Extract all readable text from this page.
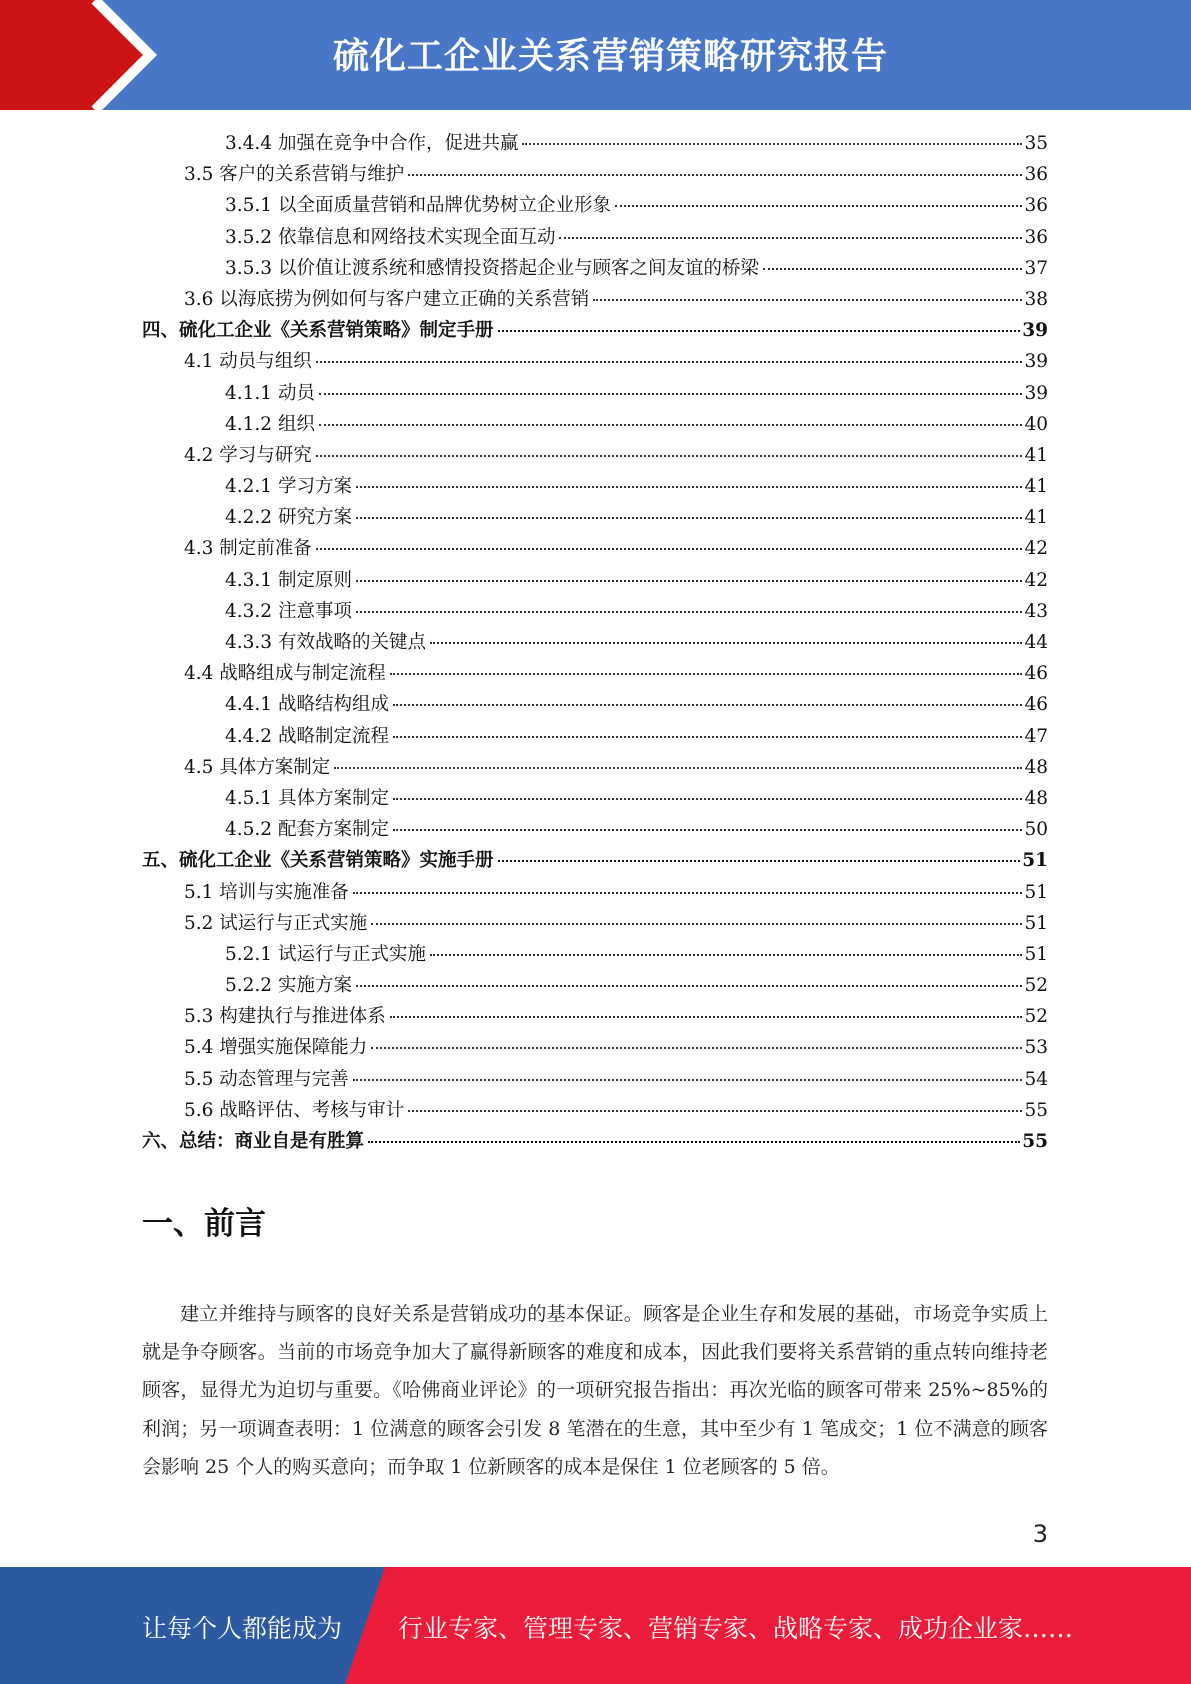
硫化工企业关系营销策略研究报告
3.4.4 加强在竞争中合作，促进共赢	35
3.5 客户的关系营销与维护	36
3.5.1 以全面质量营销和品牌优势树立企业形象	36
3.5.2 依靠信息和网络技术实现全面互动	36
3.5.3 以价值让渡系统和感情投资搭起企业与顾客之间友谊的桥梁	37
3.6 以海底捞为例如何与客户建立正确的关系营销	38
四、硫化工企业《关系营销策略》制定手册	39
4.1 动员与组织	39
4.1.1 动员	39
4.1.2 组织	40
4.2 学习与研究	41
4.2.1 学习方案	41
4.2.2 研究方案	41
4.3 制定前准备	42
4.3.1 制定原则	42
4.3.2 注意事项	43
4.3.3 有效战略的关键点	44
4.4 战略组成与制定流程	46
4.4.1 战略结构组成	46
4.4.2 战略制定流程	47
4.5 具体方案制定	48
4.5.1 具体方案制定	48
4.5.2 配套方案制定	50
五、硫化工企业《关系营销策略》实施手册	51
5.1 培训与实施准备	51
5.2 试运行与正式实施	51
5.2.1 试运行与正式实施	51
5.2.2 实施方案	52
5.3 构建执行与推进体系	52
5.4 增强实施保障能力	53
5.5 动态管理与完善	54
5.6 战略评估、考核与审计	55
六、总结：商业自是有胜算	55
一、前言

建立并维持与顾客的良好关系是营销成功的基本保证。顾客是企业生存和发展的基础，市场竞争实质上就是争夺顾客。当前的市场竞争加大了赢得新顾客的难度和成本，因此我们要将关系营销的重点转向维持老顾客，显得尤为迫切与重要。《哈佛商业评论》的一项研究报告指出：再次光临的顾客可带来 25%~85%的利润；另一项调查表明：1 位满意的顾客会引发 8 笔潜在的生意，其中至少有 1 笔成交；1 位不满意的顾客会影响 25 个人的购买意向；而争取 1 位新顾客的成本是保住 1 位老顾客的 5 倍。

3
让每个人都能成为 行业专家、管理专家、营销专家、战略专家、成功企业家……
